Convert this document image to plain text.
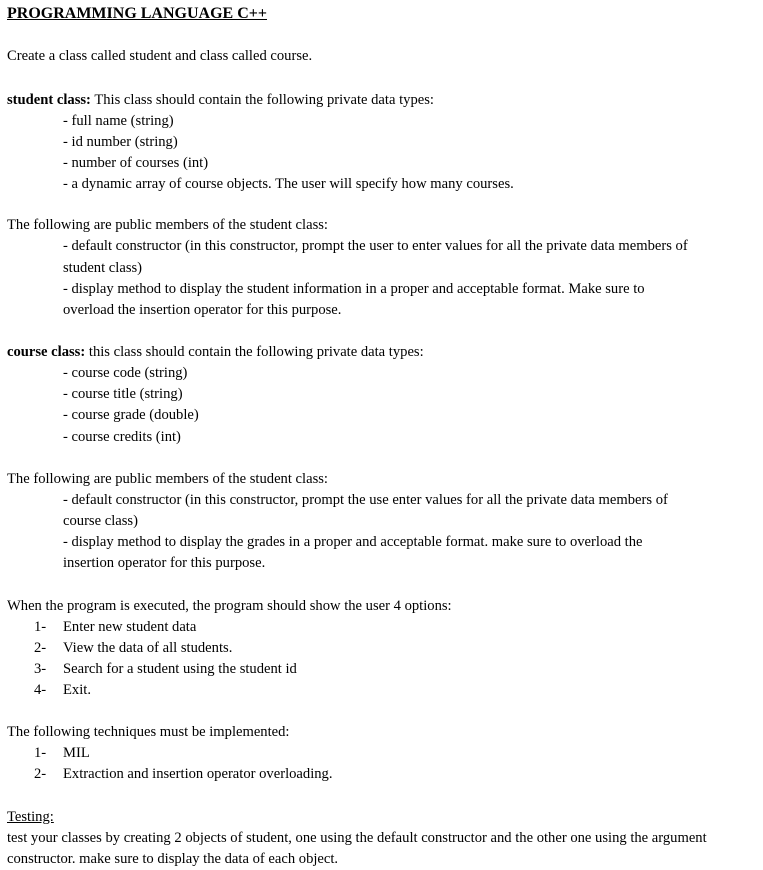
PROGRAMMING LANGUAGE C++
Create a class called student and class called course.
student class: This class should contain the following private data types:
- full name (string)
- id number (string)
- number of courses (int)
- a dynamic array of course objects. The user will specify how many courses.
The following are public members of the student class:
- default constructor (in this constructor, prompt the user to enter values for all the private data members of
student class)
- display method to display the student information in a proper and acceptable format. Make sure to
overload the insertion operator for this purpose.
course class: this class should contain the following private data types:
- course code (string)
- course title (string)
- course grade (double)
- course credits (int)
The following are public members of the student class:
- default constructor (in this constructor, prompt the use enter values for all the private data members of
course class)
- display method to display the grades in a proper and acceptable format. make sure to overload the
insertion operator for this purpose.
When the program is executed, the program should show the user 4 options:
1- Enter new student data
2- View the data of all students.
3- Search for a student using the student id
4- Exit.
The following techniques must be implemented:
1- MIL
2- Extraction and insertion operator overloading.
Testing:
test your classes by creating 2 objects of student, one using the default constructor and the other one using the argument
constructor. make sure to display the data of each object.
